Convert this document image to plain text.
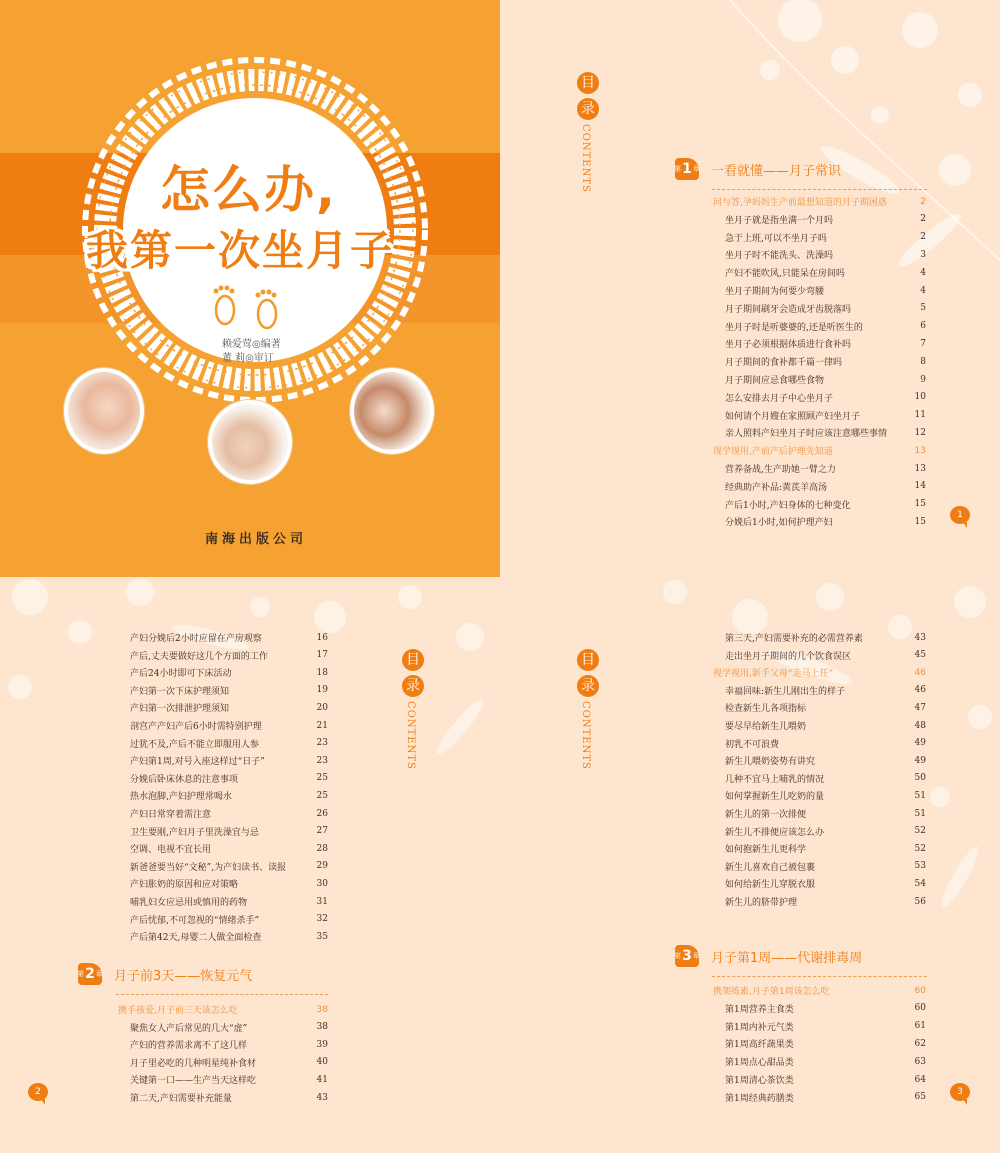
怎么办,
我第一次坐月子
赖爱莺◎编著
董 莉◎审订
南海出版公司
目
录
CONTENTS	第 1 章 一看就懂——月子常识
问与答,孕妈妈生产前最想知道的月子期困惑	2
坐月子就是指坐满一个月吗	2
急于上班,可以不坐月子吗	2
坐月子时不能洗头、洗澡吗	3
产妇不能吹风,只能呆在房间吗	4
坐月子期间为何要少弯腰	4
月子期间刷牙会造成牙齿脱落吗	5
坐月子时是听婆婆的,还是听医生的	6
坐月子必须根据体质进行食补吗	7
月子期间的食补都千篇一律吗	8
月子期间应忌食哪些食物	9
怎么安排去月子中心坐月子	10
如何请个月嫂在家照顾产妇坐月子	11
亲人照料产妇坐月子时应该注意哪些事情	12
现学现用,产前产后护理先知道	13
营养备战,生产助她一臂之力	13
经典助产补品:黄芪羊高汤	14
产后1小时,产妇身体的七种变化	15
分娩后1小时,如何护理产妇	15
1
目
录
CONTENTS
产妇分娩后2小时应留在产房观察	16
产后,丈夫要做好这几个方面的工作	17
产后24小时即可下床活动	18
产妇第一次下床护理须知	19
产妇第一次排泄护理须知	20
剖宫产产妇产后6小时需特别护理	21
过犹不及,产后不能立即服用人参	23
产妇第1周,对号入座这样过“日子”	23
分娩后卧床休息的注意事项	25
热水泡脚,产妇护理常喝水	25
产妇日常穿着需注意	26
卫生要刚,产妇月子里洗澡宜与忌	27
空调、电视不宜长用	28
新爸爸要当好“文秘”,为产妇读书、读报	29
产妇胀奶的原因和应对策略	30
哺乳妇女应忌用或慎用的药物	31
产后忧郁,不可忽视的“情绪杀手”	32
产后第42天,母婴二人做全面检查	35
第 2 章 月子前3天——恢复元气
携手孩爱,月子前三天该怎么吃	38
聚焦女人产后常见的几大“虚”	38
产妇的营养需求离不了这几样	39
月子里必吃的几种明星纯补食材	40
关键第一口——生产当天这样吃	41
第二天,产妇需要补充能量	43
2
目
录
CONTENTS
第三天,产妇需要补充的必需营养素	43
走出坐月子期间的几个饮食误区	45
视学视用,新手父母“走马上任”	46
幸福回味:新生儿刚出生的样子	46
检查新生儿各项指标	47
要尽早给新生儿喂奶	48
初乳不可浪费	49
新生儿喂奶姿势有讲究	49
几种不宜马上哺乳的情况	50
如何掌握新生儿吃奶的量	51
新生儿的第一次排便	51
新生儿不排便应该怎么办	52
如何抱新生儿更科学	52
新生儿喜欢自己被包裹	53
如何给新生儿穿脱衣服	54
新生儿的脐带护理	56
第 3 章 月子第1周——代谢排毒周
携架练素,月子第1周该怎么吃	60
第1周营养主食类	60
第1周内补元气类	61
第1周高纤蔬果类	62
第1周点心甜品类	63
第1周清心茶饮类	64
第1周经典药膳类	65
3
